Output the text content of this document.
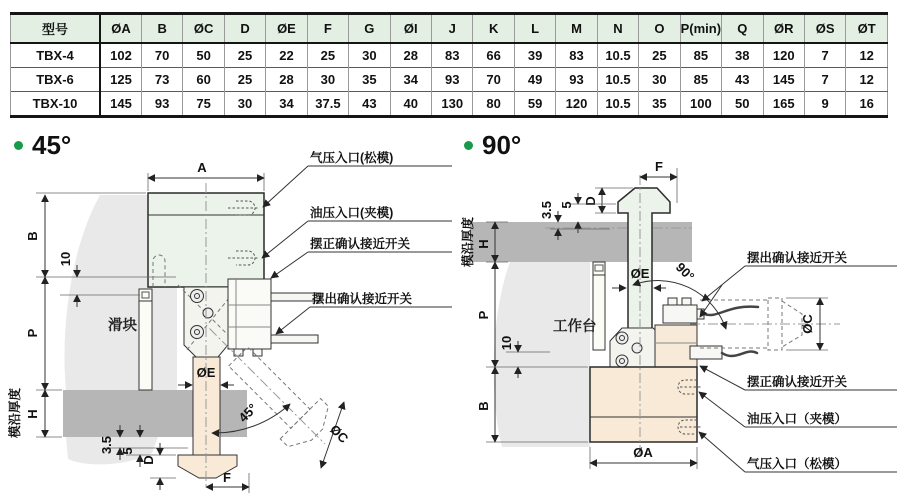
型号	ØA	B	ØC	D	ØE	F	G	ØI	J	K	L	M	N	O	P(min)	Q	ØR	ØS	ØT
TBX-4	102	70	50	25	22	25	30	28	83	66	39	83	10.5	25	85	38	120	7	12
TBX-6	125	73	60	25	28	30	35	34	93	70	49	93	10.5	30	85	43	145	7	12
TBX-10	145	93	75	30	34	37.5	43	40	130	80	59	120	10.5	35	100	50	165	9	16
45°	90°
A
B
10
P
H
模沿厚度
3.5 5
D
ØE
F
45°
ØC
气压入口(松模)
油压入口(夹模)
摆正确认接近开关
摆出确认接近开关
滑块
F
D
5
3.5
ØE 90°
ØC
H
模沿厚度
P
10
B
ØA
摆出确认接近开关
摆正确认接近开关
油压入口（夹模）
气压入口（松模）
工作台
